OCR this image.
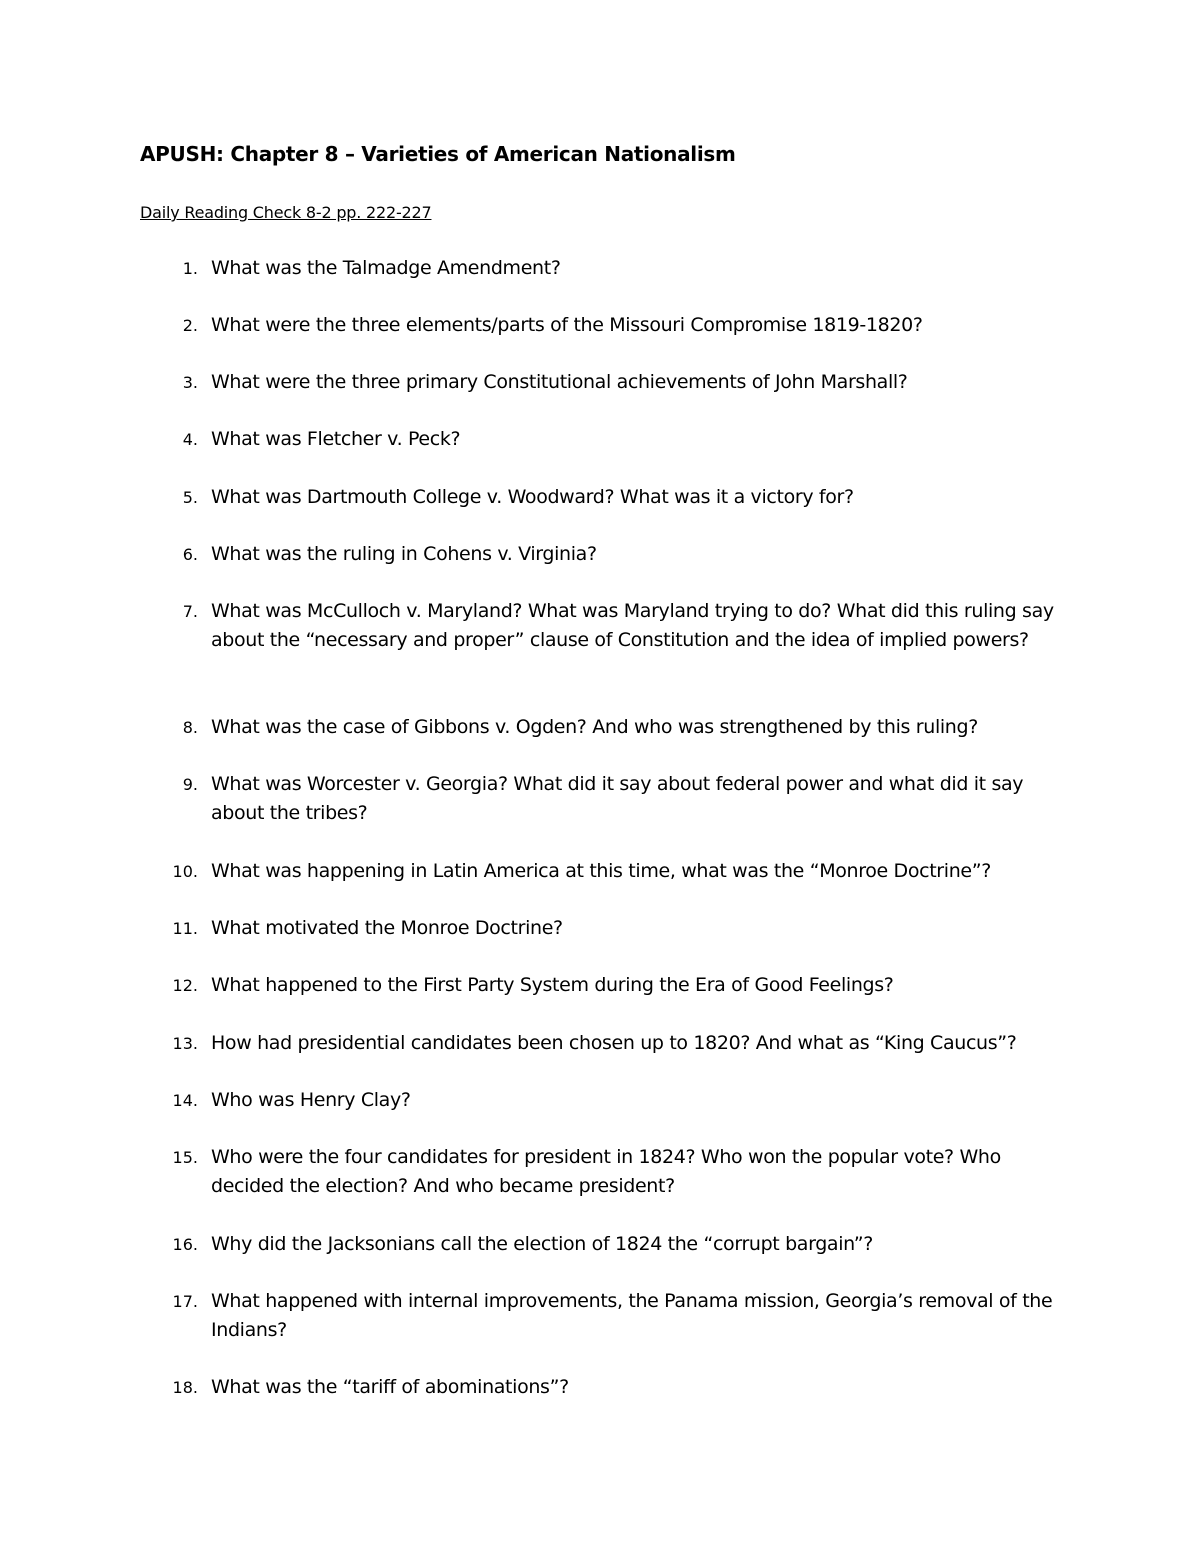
APUSH: Chapter 8 – Varieties of American Nationalism
Daily Reading Check 8-2 pp. 222-227
1. What was the Talmadge Amendment?
2. What were the three elements/parts of the Missouri Compromise 1819-1820?
3. What were the three primary Constitutional achievements of John Marshall?
4. What was Fletcher v. Peck?
5. What was Dartmouth College v. Woodward? What was it a victory for?
6. What was the ruling in Cohens v. Virginia?
7. What was McCulloch v. Maryland? What was Maryland trying to do? What did this ruling say about the “necessary and proper” clause of Constitution and the idea of implied powers?
8. What was the case of Gibbons v. Ogden? And who was strengthened by this ruling?
9. What was Worcester v. Georgia? What did it say about federal power and what did it say about the tribes?
10. What was happening in Latin America at this time, what was the “Monroe Doctrine”?
11. What motivated the Monroe Doctrine?
12. What happened to the First Party System during the Era of Good Feelings?
13. How had presidential candidates been chosen up to 1820? And what as “King Caucus”?
14. Who was Henry Clay?
15. Who were the four candidates for president in 1824? Who won the popular vote? Who decided the election? And who became president?
16. Why did the Jacksonians call the election of 1824 the “corrupt bargain”?
17. What happened with internal improvements, the Panama mission, Georgia’s removal of the Indians?
18. What was the “tariff of abominations”?
